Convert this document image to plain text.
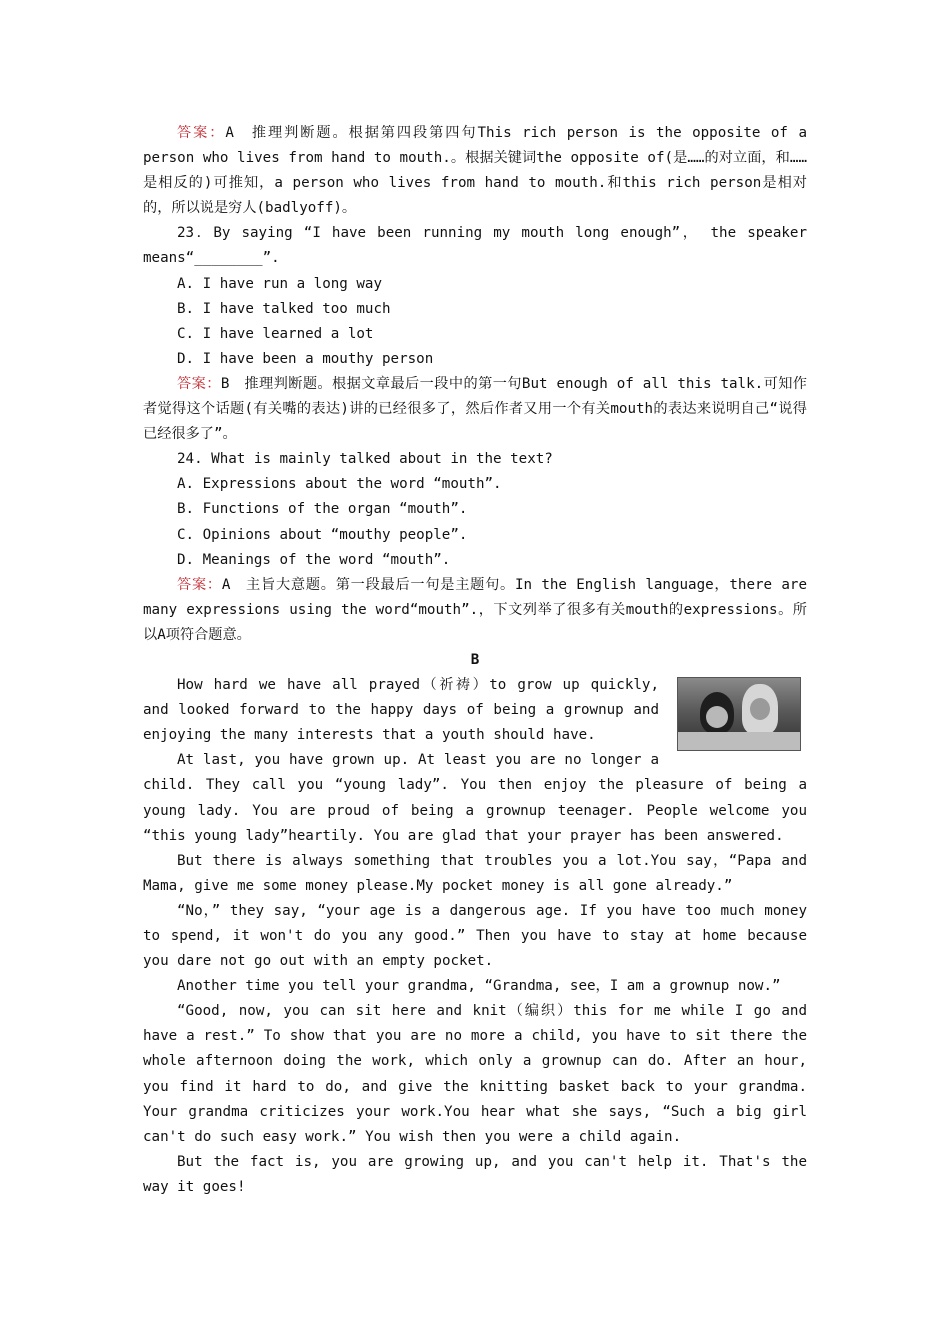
答案：A　推理判断题。根据第四段第四句This rich person is the opposite of a person who lives from hand to mouth.。根据关键词the opposite of(是……的对立面，和……是相反的)可推知，a person who lives from hand to mouth.和this rich person是相对的，所以说是穷人(badlyoff)。

23．By saying “I have been running my mouth long enough”， the speaker means“________”.

A. I have run a long way

B. I have talked too much

C. I have learned a lot

D. I have been a mouthy person

答案：B　推理判断题。根据文章最后一段中的第一句But enough of all this talk.可知作者觉得这个话题(有关嘴的表达)讲的已经很多了，然后作者又用一个有关mouth的表达来说明自己“说得已经很多了”。

24. What is mainly talked about in the text?

A. Expressions about the word “mouth”.

B. Functions of the organ “mouth”.

C. Opinions about “mouthy people”.

D. Meanings of the word “mouth”.

答案：A　主旨大意题。第一段最后一句是主题句。In the English language，there are many expressions using the word“mouth”.，下文列举了很多有关mouth的expressions。所以A项符合题意。

B

How hard we have all prayed（祈祷）to grow up quickly, and looked forward to the happy days of being a grownup and enjoying the many interests that a youth should have.

At last, you have grown up. At least you are no longer a child. They call you “young lady”. You then enjoy the pleasure of being a young lady. You are proud of being a grownup teenager. People welcome you “this young lady”heartily. You are glad that your prayer has been answered.

But there is always something that troubles you a lot.You say，“Papa and Mama, give me some money please.My pocket money is all gone already.”

“No，” they say, “your age is a dangerous age. If you have too much money to spend, it won't do you any good.” Then you have to stay at home because you dare not go out with an empty pocket.

Another time you tell your grandma, “Grandma, see，I am a grownup now.”

“Good, now, you can sit here and knit（编织）this for me while I go and have a rest.” To show that you are no more a child, you have to sit there the whole afternoon doing the work, which only a grownup can do. After an hour, you find it hard to do, and give the knitting basket back to your grandma. Your grandma criticizes your work.You hear what she says, “Such a big girl can't do such easy work.” You wish then you were a child again.

But the fact is, you are growing up, and you can't help it. That's the way it goes!
